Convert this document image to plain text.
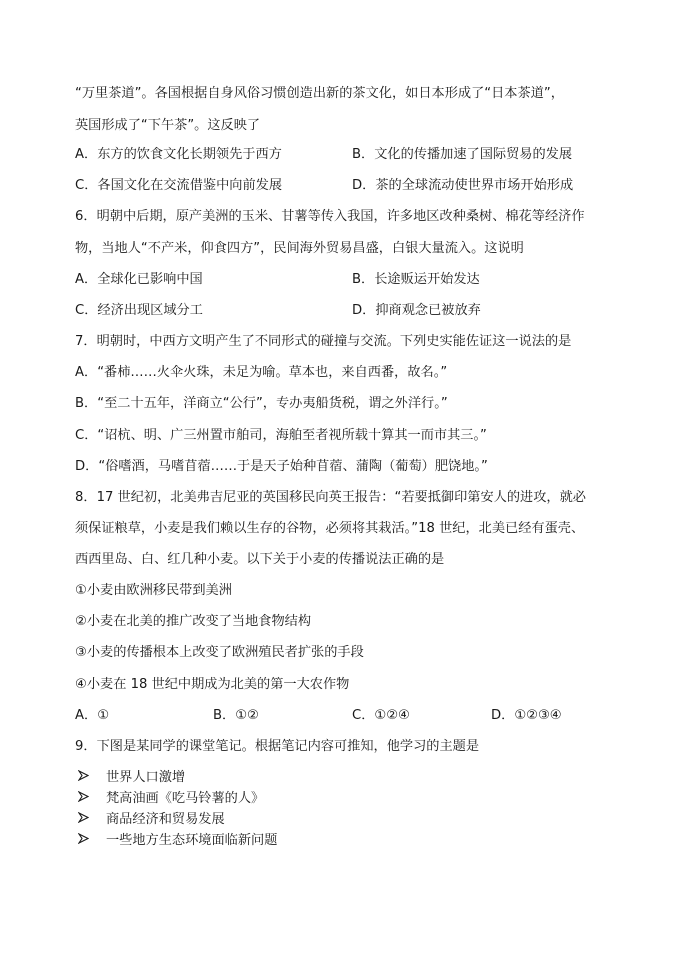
“万里茶道”。各国根据自身风俗习惯创造出新的茶文化，如日本形成了“日本茶道”，
英国形成了“下午茶”。这反映了
A．东方的饮食文化长期领先于西方	B．文化的传播加速了国际贸易的发展
C．各国文化在交流借鉴中向前发展	D．茶的全球流动使世界市场开始形成
6．明朝中后期，原产美洲的玉米、甘薯等传入我国，许多地区改种桑树、棉花等经济作
物，当地人“不产米，仰食四方”，民间海外贸易昌盛，白银大量流入。这说明
A．全球化已影响中国	B．长途贩运开始发达
C．经济出现区域分工	D．抑商观念已被放弃
7．明朝时，中西方文明产生了不同形式的碰撞与交流。下列史实能佐证这一说法的是
A．“番柿……火伞火珠，未足为喻。草本也，来自西番，故名。”
B．“至二十五年，洋商立“公行”，专办夷船货税，谓之外洋行。”
C．“诏杭、明、广三州置市舶司，海舶至者视所载十算其一而市其三。”
D．“俗嗜酒，马嗜苜蓿……于是天子始种苜蓿、蒲陶（葡萄）肥饶地。”
8．17 世纪初，北美弗吉尼亚的英国移民向英王报告：“若要抵御印第安人的进攻，就必
须保证粮草，小麦是我们赖以生存的谷物，必须将其栽活。”18 世纪，北美已经有蛋壳、
西西里岛、白、红几种小麦。以下关于小麦的传播说法正确的是
①小麦由欧洲移民带到美洲
②小麦在北美的推广改变了当地食物结构
③小麦的传播根本上改变了欧洲殖民者扩张的手段
④小麦在 18 世纪中期成为北美的第一大农作物
A．①	B．①②	C．①②④	D．①②③④
9．下图是某同学的课堂笔记。根据笔记内容可推知，他学习的主题是
世界人口激增
梵高油画《吃马铃薯的人》
商品经济和贸易发展
一些地方生态环境面临新问题
